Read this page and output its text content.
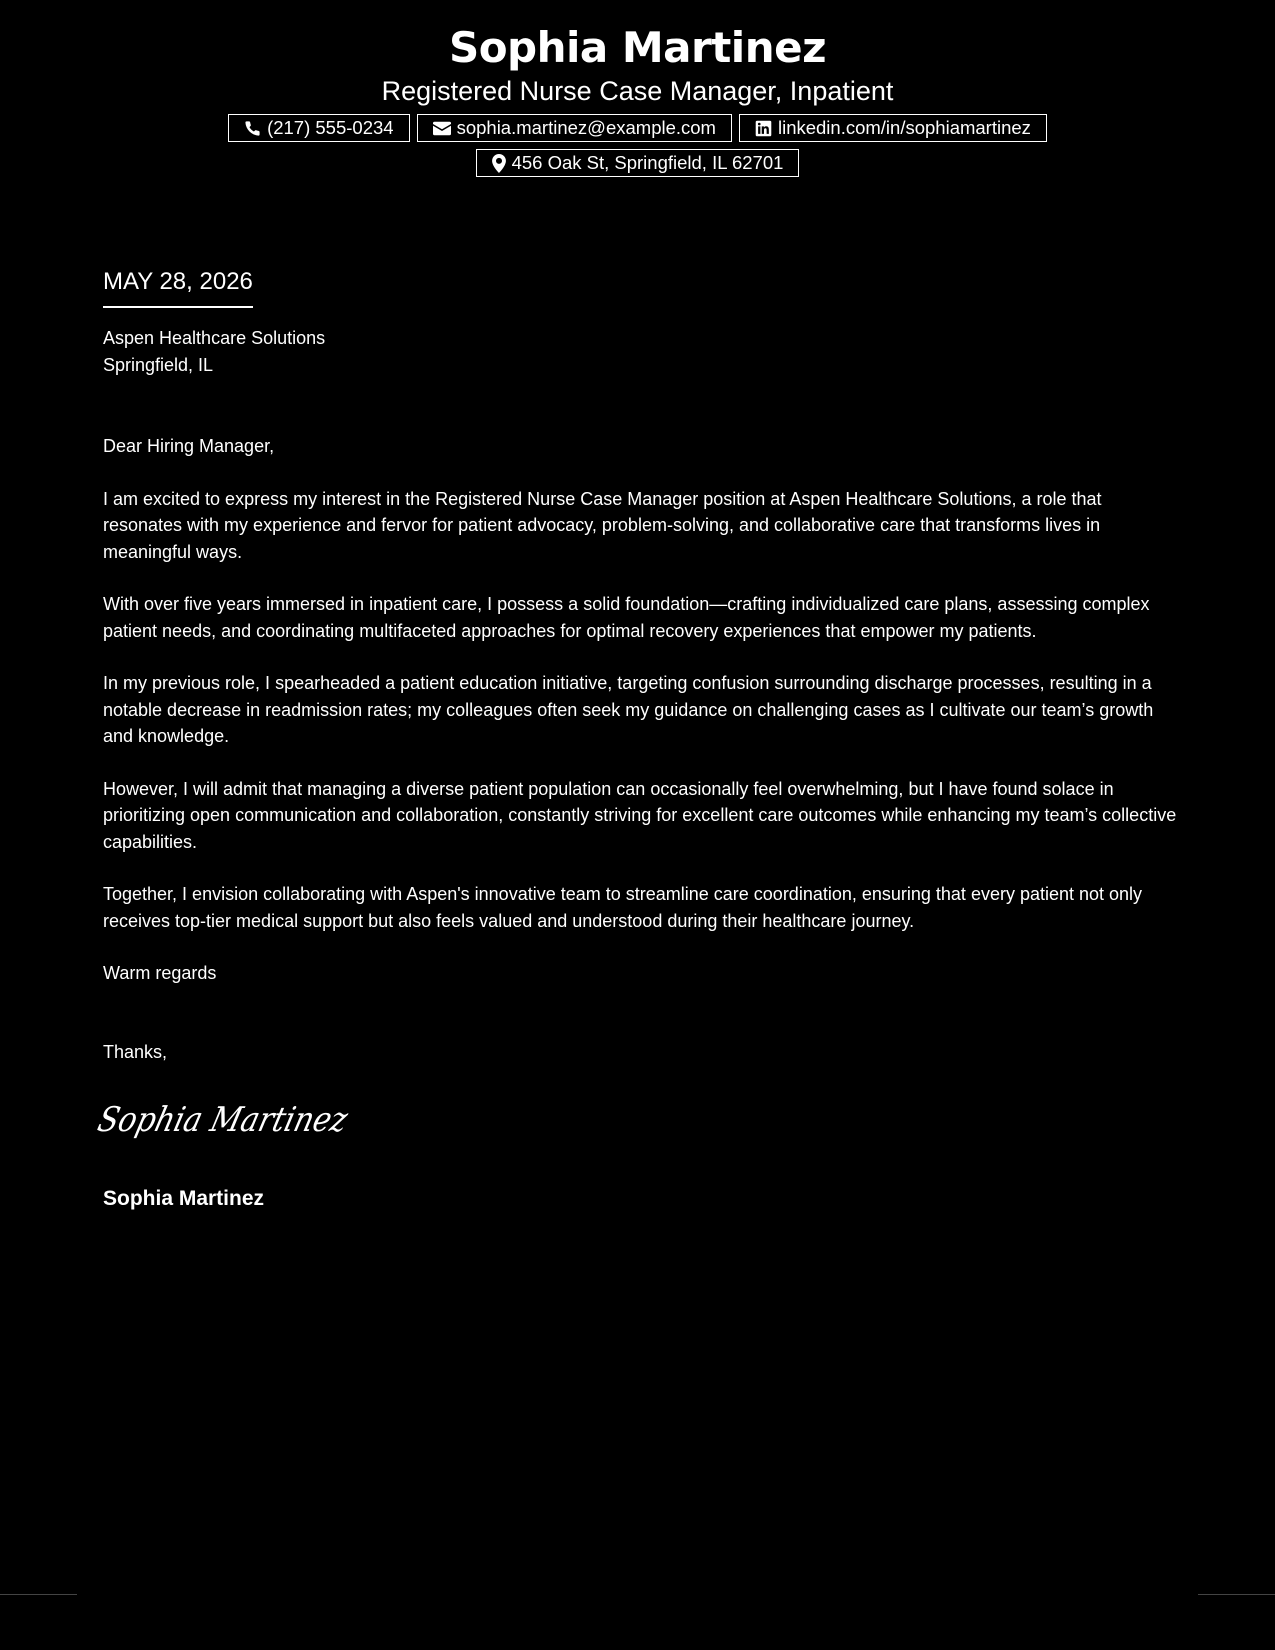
Sophia Martinez
Registered Nurse Case Manager, Inpatient
(217) 555-0234	sophia.martinez@example.com	linkedin.com/in/sophiamartinez
456 Oak St, Springfield, IL 62701
MAY 28, 2026
Aspen Healthcare Solutions
Springfield, IL

Dear Hiring Manager,

I am excited to express my interest in the Registered Nurse Case Manager position at Aspen Healthcare Solutions, a role that resonates with my experience and fervor for patient advocacy, problem-solving, and collaborative care that transforms lives in meaningful ways.

With over five years immersed in inpatient care, I possess a solid foundation—crafting individualized care plans, assessing complex patient needs, and coordinating multifaceted approaches for optimal recovery experiences that empower my patients.

In my previous role, I spearheaded a patient education initiative, targeting confusion surrounding discharge processes, resulting in a notable decrease in readmission rates; my colleagues often seek my guidance on challenging cases as I cultivate our team’s growth and knowledge.

However, I will admit that managing a diverse patient population can occasionally feel overwhelming, but I have found solace in prioritizing open communication and collaboration, constantly striving for excellent care outcomes while enhancing my team’s collective capabilities.

Together, I envision collaborating with Aspen's innovative team to streamline care coordination, ensuring that every patient not only receives top-tier medical support but also feels valued and understood during their healthcare journey.

Warm regards

Thanks,
Sophia Martinez
Sophia Martinez
